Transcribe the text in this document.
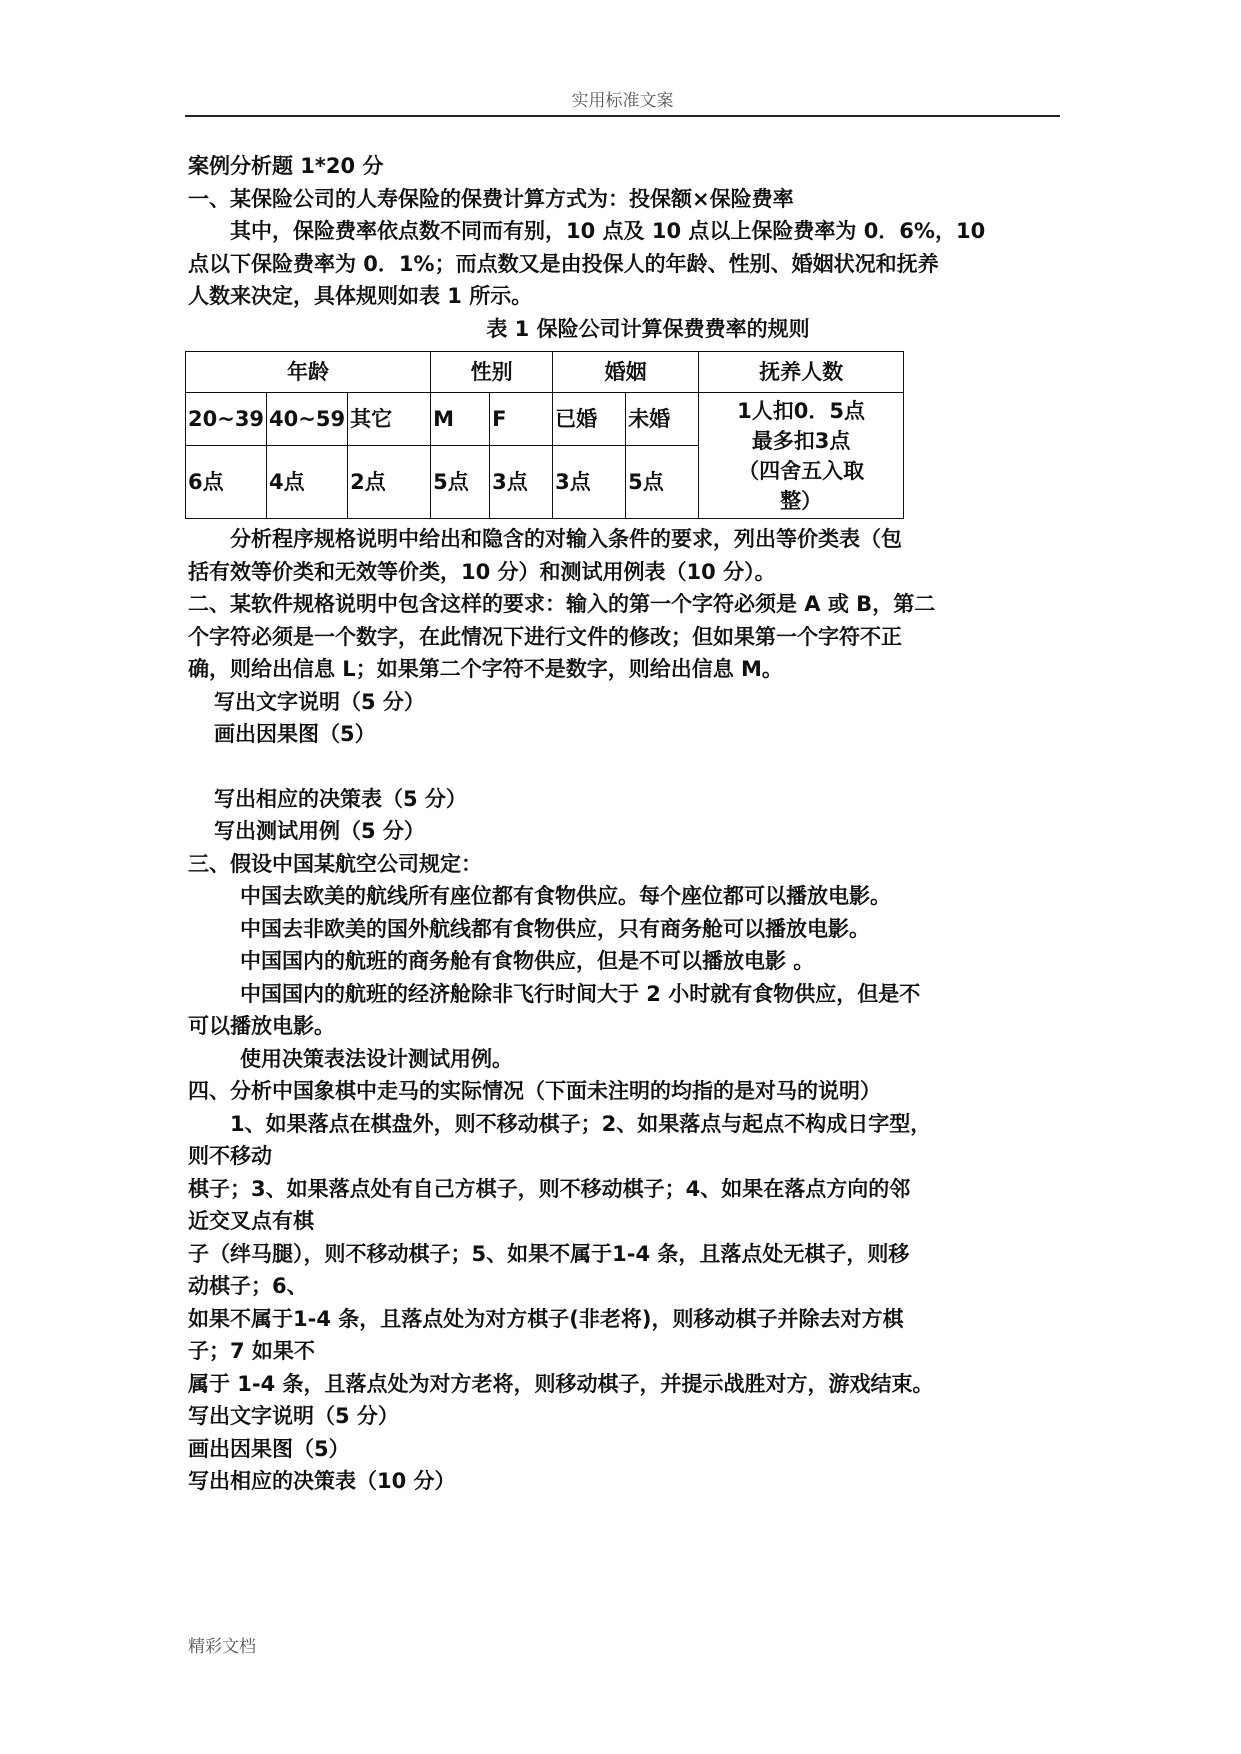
实用标准文案

案例分析题 1*20 分

一、某保险公司的人寿保险的保费计算方式为：投保额×保险费率

其中，保险费率依点数不同而有别，10 点及 10 点以上保险费率为 0．6%，10

点以下保险费率为 0．1%；而点数又是由投保人的年龄、性别、婚姻状况和抚养

人数来决定，具体规则如表 1 所示。

表 1 保险公司计算保费费率的规则

年龄			性别		婚姻		抚养人数
20~39	40~59	其它	M	F	已婚	未婚	1人扣0．5点
最多扣3点
（四舍五入取
整）

6点	4点	2点	5点	3点	3点	5点	

分析程序规格说明中给出和隐含的对输入条件的要求，列出等价类表（包

括有效等价类和无效等价类，10 分）和测试用例表（10 分）。

二、某软件规格说明中包含这样的要求：输入的第一个字符必须是 A 或 B，第二

个字符必须是一个数字，在此情况下进行文件的修改；但如果第一个字符不正

确，则给出信息 L；如果第二个字符不是数字，则给出信息 M。

写出文字说明（5 分）

画出因果图（5）

写出相应的决策表（5 分）

写出测试用例（5 分）

三、假设中国某航空公司规定：

中国去欧美的航线所有座位都有食物供应。每个座位都可以播放电影。

中国去非欧美的国外航线都有食物供应，只有商务舱可以播放电影。

中国国内的航班的商务舱有食物供应，但是不可以播放电影 。

中国国内的航班的经济舱除非飞行时间大于 2 小时就有食物供应，但是不

可以播放电影。

使用决策表法设计测试用例。

四、分析中国象棋中走马的实际情况（下面未注明的均指的是对马的说明）

1、如果落点在棋盘外，则不移动棋子；2、如果落点与起点不构成日字型，

则不移动

棋子；3、如果落点处有自己方棋子，则不移动棋子；4、如果在落点方向的邻

近交叉点有棋

子（绊马腿），则不移动棋子；5、如果不属于1-4 条，且落点处无棋子，则移

动棋子；6、

如果不属于1-4 条，且落点处为对方棋子(非老将)，则移动棋子并除去对方棋

子；7 如果不

属于 1-4 条，且落点处为对方老将，则移动棋子，并提示战胜对方，游戏结束。

写出文字说明（5 分）

画出因果图（5）

写出相应的决策表（10 分）

精彩文档
